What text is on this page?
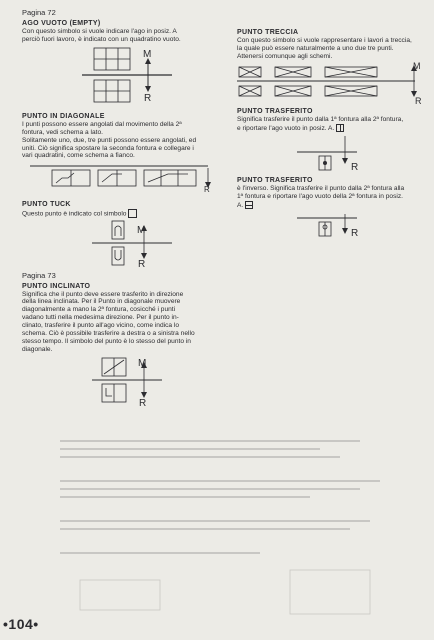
Pagina 72

AGO VUOTO (EMPTY)

Con questo simbolo si vuole indicare l'ago in posiz. A

perciò fuori lavoro, è indicato con un quadratino vuoto.

M
R

PUNTO IN DIAGONALE

I punti possono essere angolati dal movimento della 2ª

fontura, vedi schema a lato.

Solitamente uno, due, tre punti possono essere angolati, ed

uniti. Ciò significa spostare la seconda fontura e collegare i

vari quadratini, come schema a fianco.

R

PUNTO TUCK

Questo punto è indicato col simbolo

M
R
Pagina 73

PUNTO INCLINATO

Significa che il punto deve essere trasferito in direzione

della linea inclinata. Per il Punto in diagonale muovere

diagonalmente a mano la 2ª fontura, cosicché i punti

vadano tutti nella medesima direzione. Per il punto in-

clinato, trasferire il punto all'ago vicino, come indica lo

schema. Ciò è possibile trasferire a destra o a sinistra nello

stesso tempo. Il simbolo del punto è lo stesso del punto in

diagonale.

M
R

PUNTO TRECCIA

Con questo simbolo si vuole rappresentare i lavori a treccia,

la quale può essere naturalmente a uno due tre punti.

Attenersi comunque agli schemi.

M
R

PUNTO TRASFERITO

Significa trasferire il punto dalla 1ª fontura alla 2ª fontura,

e riportare l'ago vuoto in posiz. A.

R

PUNTO TRASFERITO

è l'inverso. Significa trasferire il punto dalla 2ª fontura alla

1ª fontura e riportare l'ago vuoto della 2ª fontura in posiz.

A.

R
•104•
